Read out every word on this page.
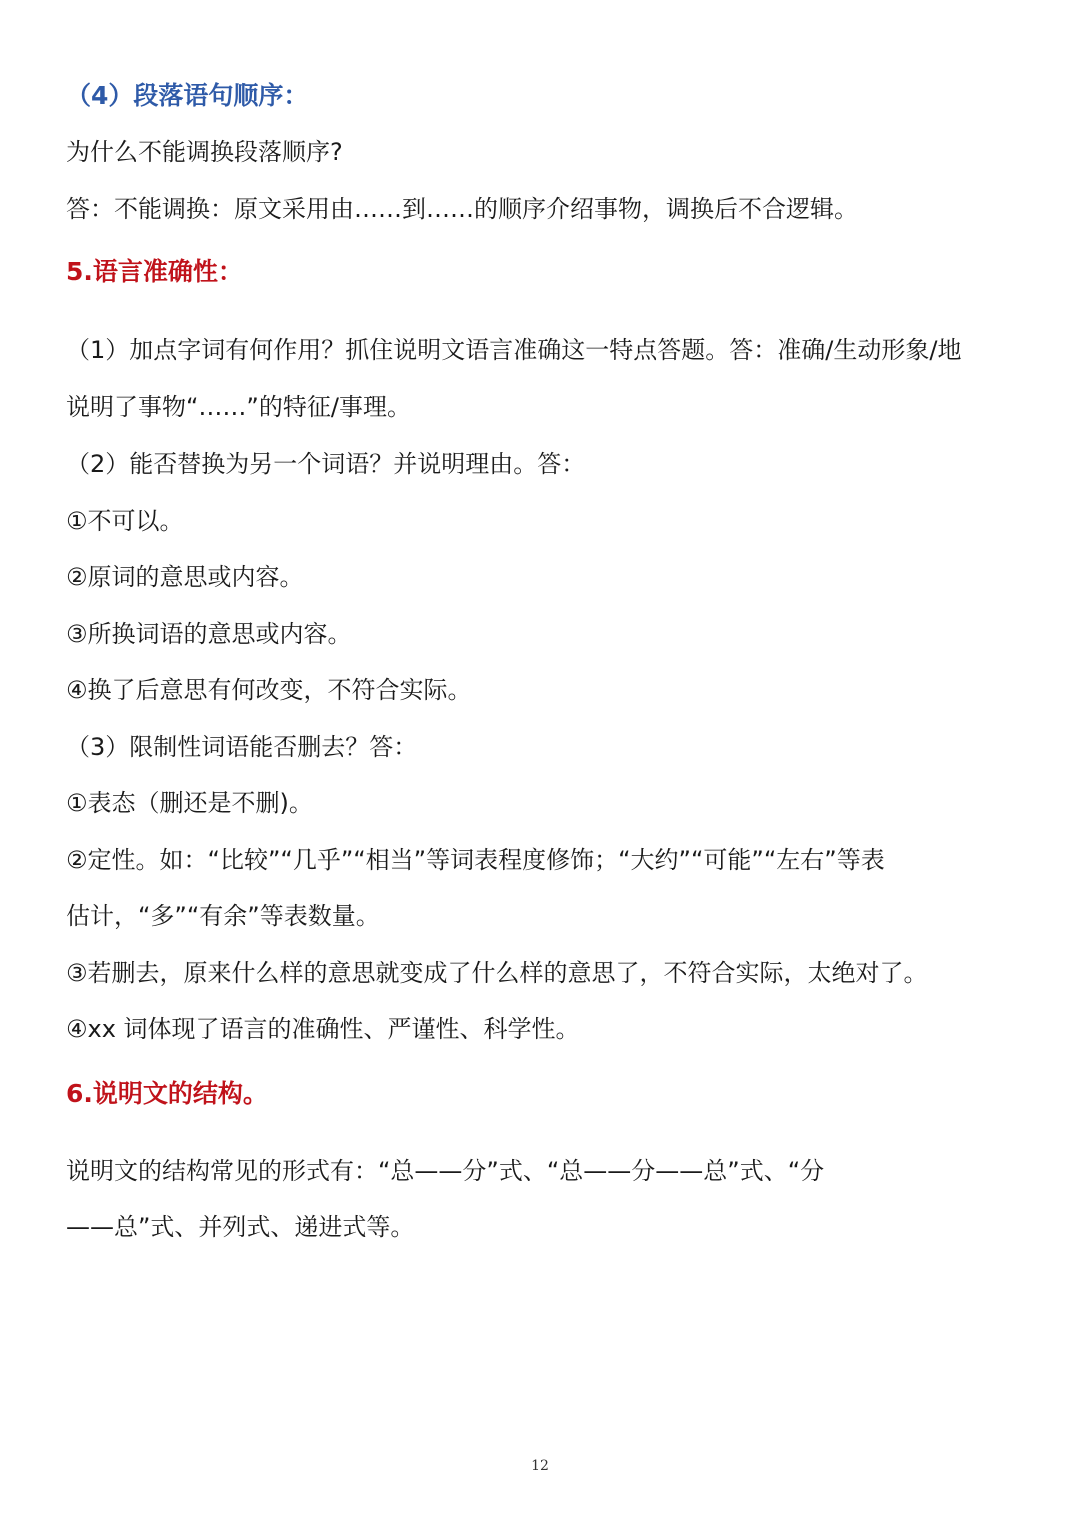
（4）段落语句顺序：
为什么不能调换段落顺序?
答：不能调换：原文采用由……到……的顺序介绍事物，调换后不合逻辑。
5.语言准确性：
（1）加点字词有何作用？抓住说明文语言准确这一特点答题。答：准确/生动形象/地
说明了事物“……”的特征/事理。
（2）能否替换为另一个词语？并说明理由。答：
①不可以。
②原词的意思或内容。
③所换词语的意思或内容。
④换了后意思有何改变，不符合实际。
（3）限制性词语能否删去？答：
①表态（删还是不删)。
②定性。如：“比较”“几乎”“相当”等词表程度修饰；“大约”“可能”“左右”等表
估计，“多”“有余”等表数量。
③若删去，原来什么样的意思就变成了什么样的意思了，不符合实际，太绝对了。
④xx 词体现了语言的准确性、严谨性、科学性。
6.说明文的结构。
说明文的结构常见的形式有：“总——分”式、“总——分——总”式、“分
——总”式、并列式、递进式等。
12
